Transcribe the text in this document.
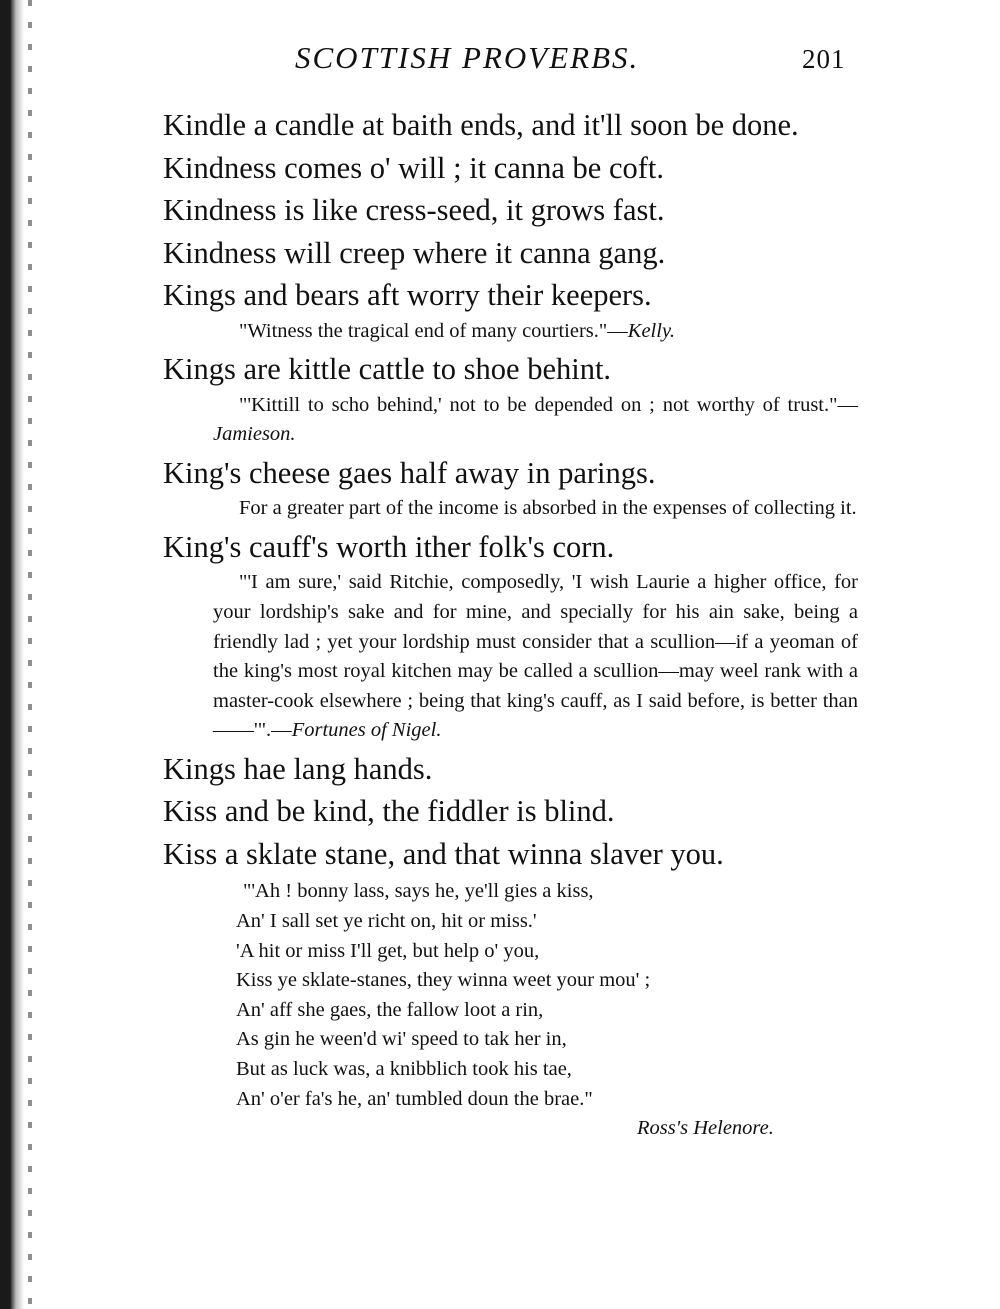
SCOTTISH PROVERBS.	201

Kindle a candle at baith ends, and it'll soon be done.

Kindness comes o' will ; it canna be coft.

Kindness is like cress-seed, it grows fast.

Kindness will creep where it canna gang.

Kings and bears aft worry their keepers.

"Witness the tragical end of many courtiers."—Kelly.

Kings are kittle cattle to shoe behint.

"'Kittill to scho behind,' not to be depended on ; not worthy of trust."—Jamieson.

King's cheese gaes half away in parings.

For a greater part of the income is absorbed in the expenses of collecting it.

King's cauff's worth ither folk's corn.

"'I am sure,' said Ritchie, composedly, 'I wish Laurie a higher office, for your lordship's sake and for mine, and specially for his ain sake, being a friendly lad ; yet your lordship must consider that a scullion—if a yeoman of the king's most royal kitchen may be called a scullion—may weel rank with a master-cook elsewhere ; being that king's cauff, as I said before, is better than ——'".—Fortunes of Nigel.

Kings hae lang hands.

Kiss and be kind, the fiddler is blind.

Kiss a sklate stane, and that winna slaver you.

"'Ah ! bonny lass, says he, ye'll gies a kiss,
An' I sall set ye richt on, hit or miss.'
'A hit or miss I'll get, but help o' you,
Kiss ye sklate-stanes, they winna weet your mou' ;
An' aff she gaes, the fallow loot a rin,
As gin he ween'd wi' speed to tak her in,
But as luck was, a knibblich took his tae,
An' o'er fa's he, an' tumbled doun the brae."

Ross's Helenore.
